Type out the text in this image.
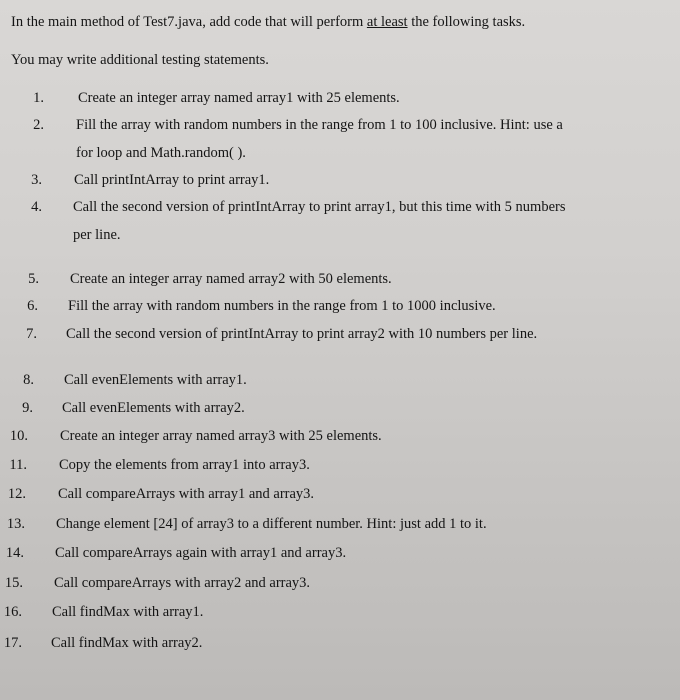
In the main method of Test7.java, add code that will perform at least the following tasks.
You may write additional testing statements.
1. Create an integer array named array1 with 25 elements.
2. Fill the array with random numbers in the range from 1 to 100 inclusive. Hint: use a
for loop and Math.random( ).
3. Call printIntArray to print array1.
4. Call the second version of printIntArray to print array1, but this time with 5 numbers
per line.
5. Create an integer array named array2 with 50 elements.
6. Fill the array with random numbers in the range from 1 to 1000 inclusive.
7. Call the second version of printIntArray to print array2 with 10 numbers per line.
8. Call evenElements with array1.
9. Call evenElements with array2.
10. Create an integer array named array3 with 25 elements.
11. Copy the elements from array1 into array3.
12. Call compareArrays with array1 and array3.
13. Change element [24] of array3 to a different number. Hint: just add 1 to it.
14. Call compareArrays again with array1 and array3.
15. Call compareArrays with array2 and array3.
16. Call findMax with array1.
17. Call findMax with array2.
